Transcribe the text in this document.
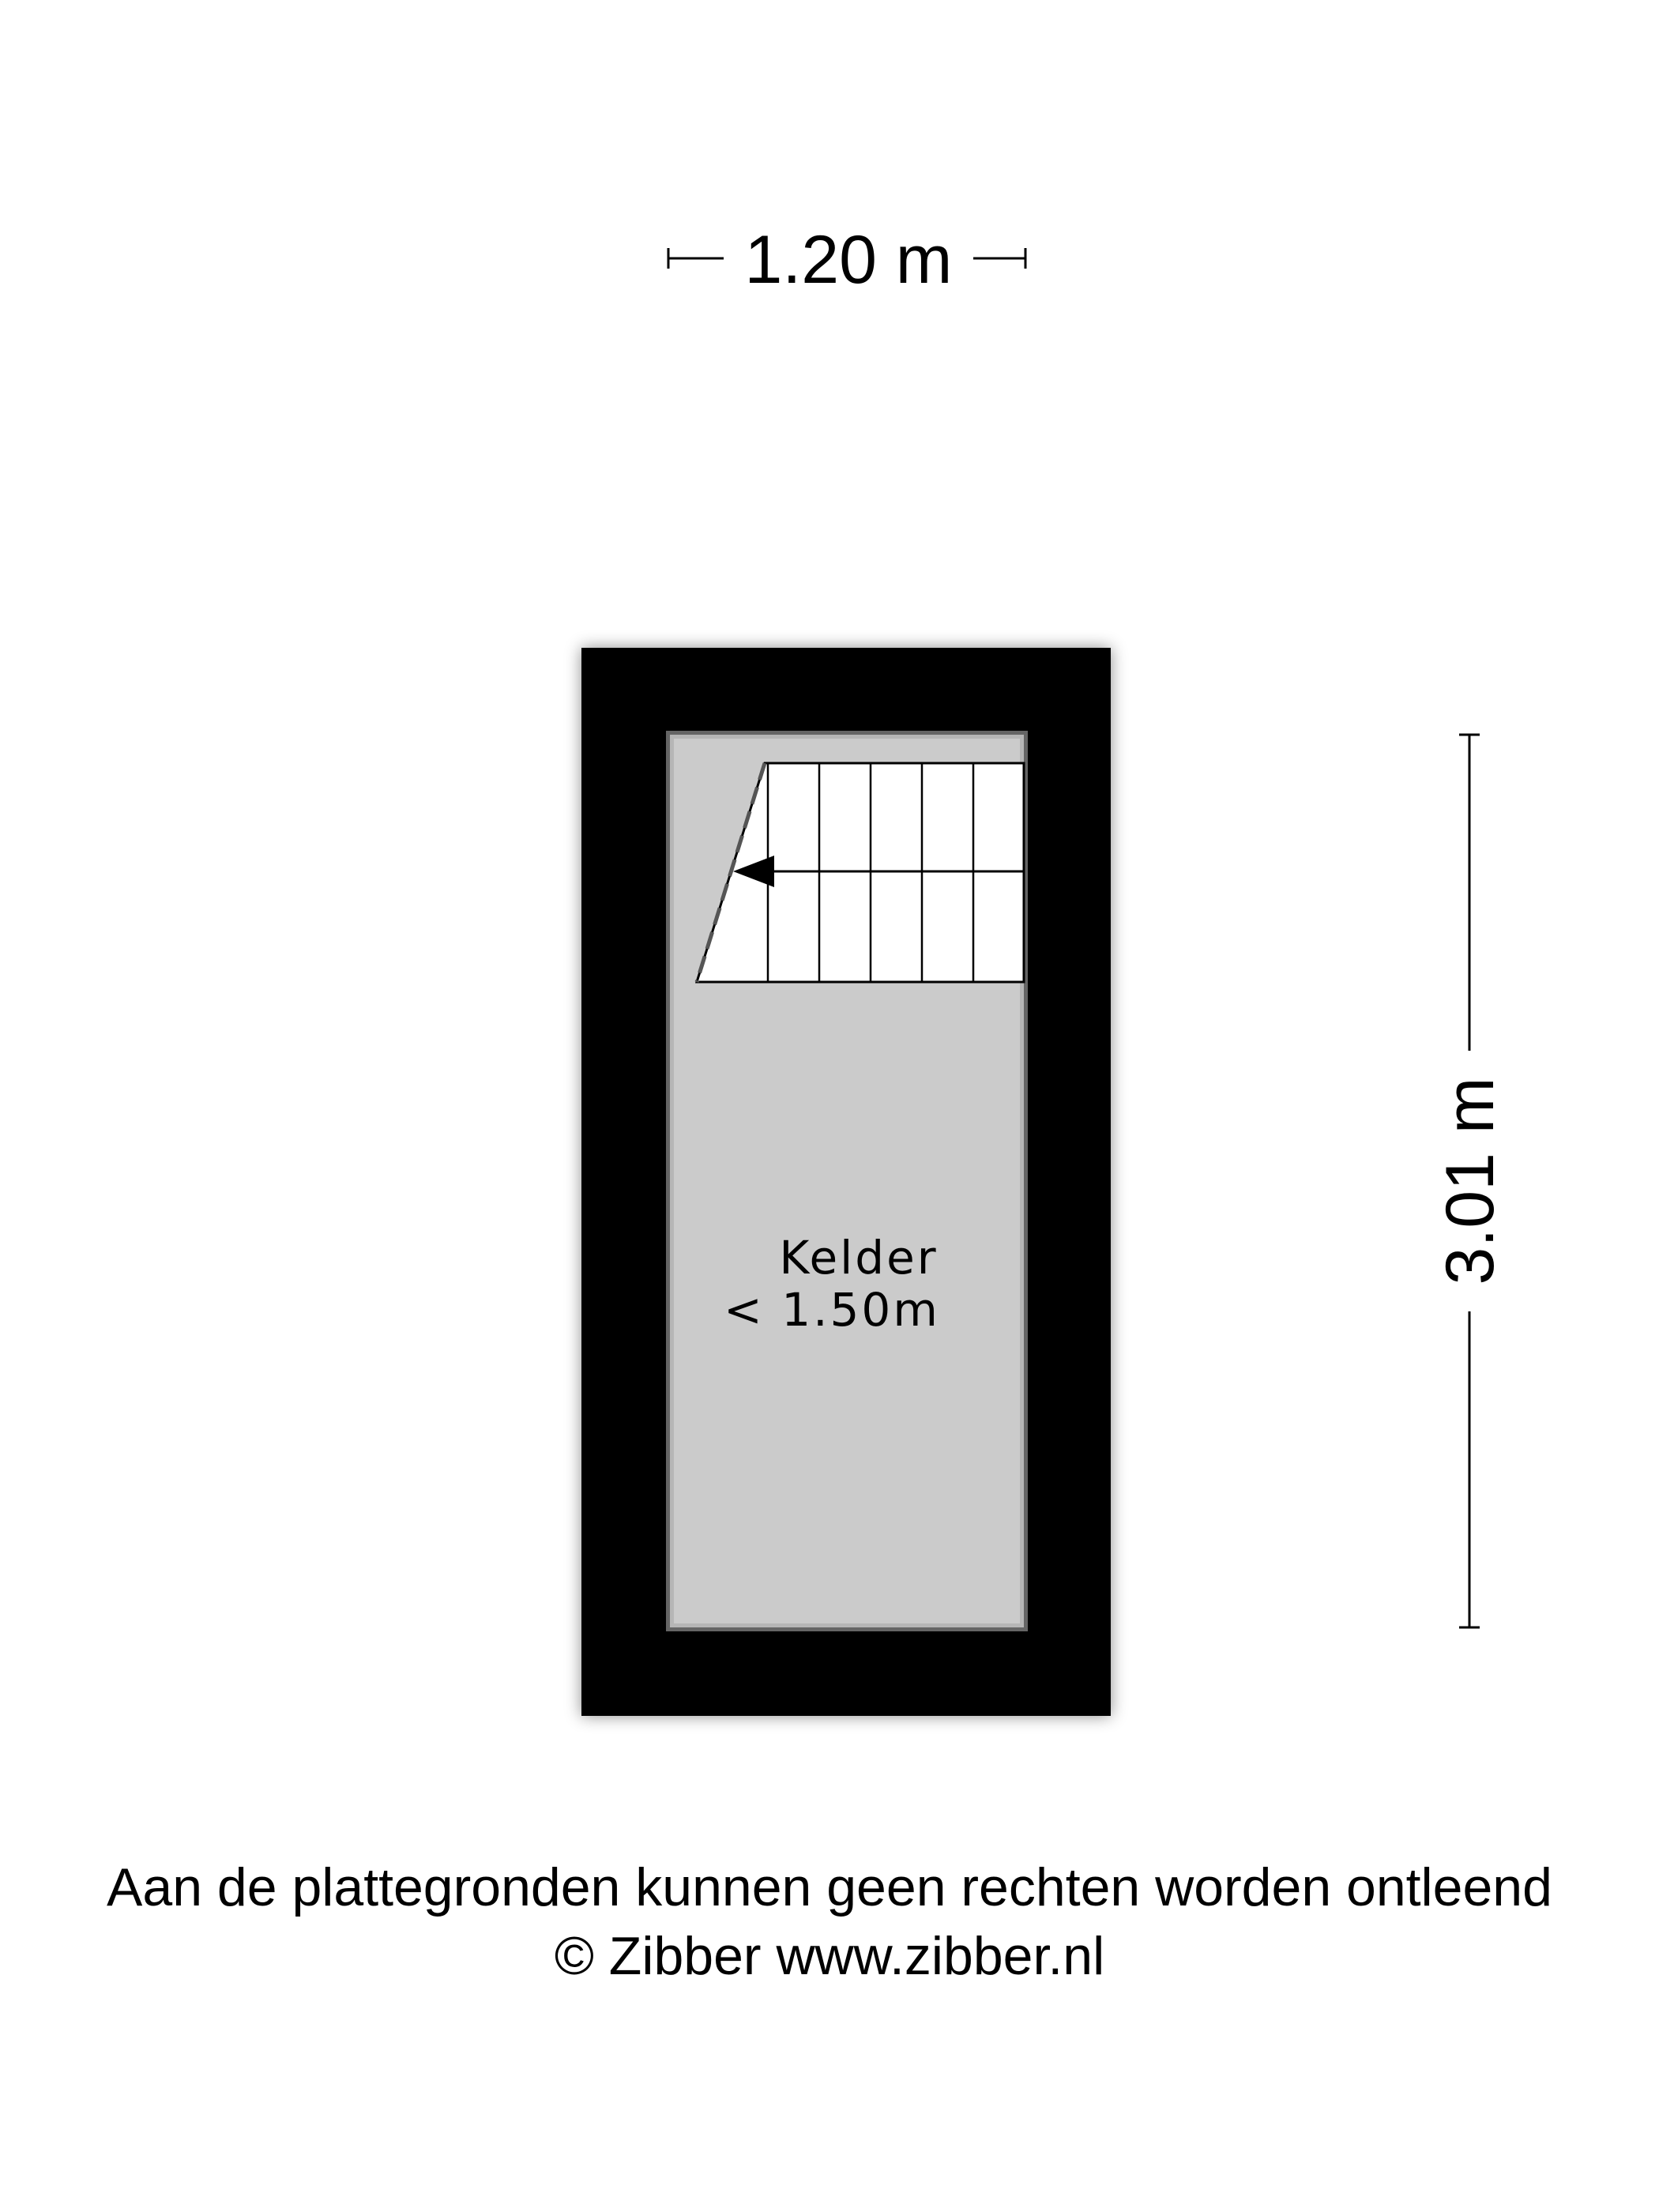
1.20 m
Kelder
< 1.50m
3.01 m
Aan de plattegronden kunnen geen rechten worden ontleend
© Zibber www.zibber.nl
